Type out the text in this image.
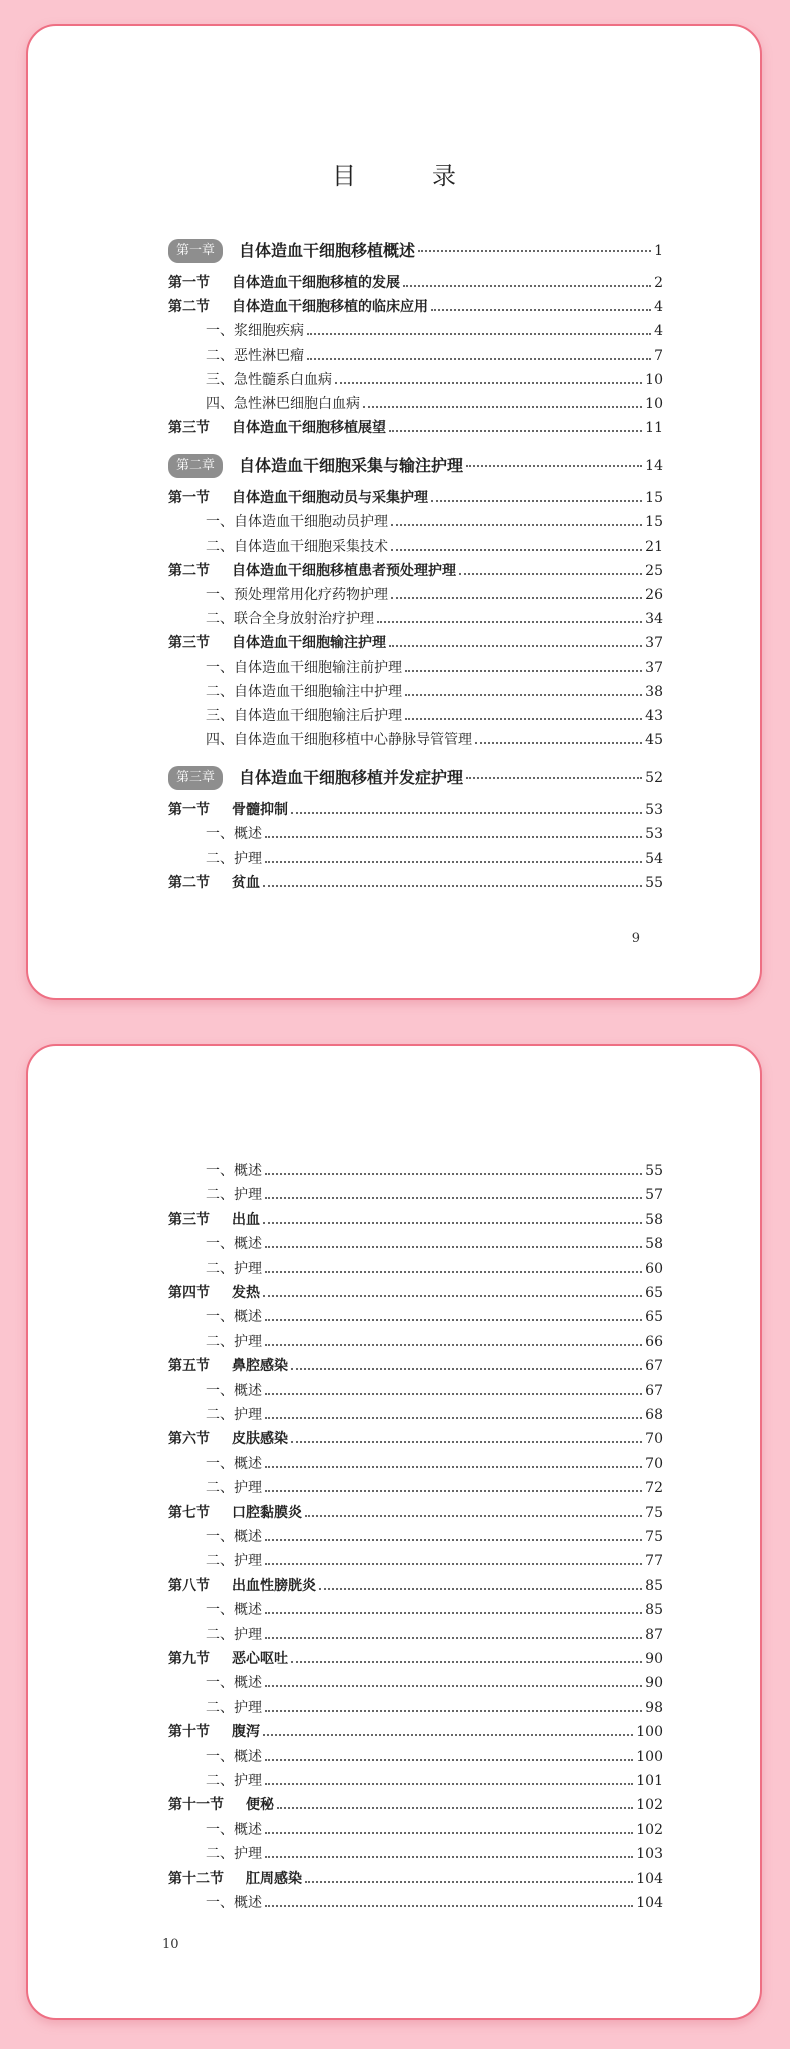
目　录
第一章	自体造血干细胞移植概述	1
第一节 自体造血干细胞移植的发展	2
第二节 自体造血干细胞移植的临床应用	4
一、浆细胞疾病	4
二、恶性淋巴瘤	7
三、急性髓系白血病	10
四、急性淋巴细胞白血病	10
第三节 自体造血干细胞移植展望	11
第二章	自体造血干细胞采集与输注护理	14
第一节 自体造血干细胞动员与采集护理	15
一、自体造血干细胞动员护理	15
二、自体造血干细胞采集技术	21
第二节 自体造血干细胞移植患者预处理护理	25
一、预处理常用化疗药物护理	26
二、联合全身放射治疗护理	34
第三节 自体造血干细胞输注护理	37
一、自体造血干细胞输注前护理	37
二、自体造血干细胞输注中护理	38
三、自体造血干细胞输注后护理	43
四、自体造血干细胞移植中心静脉导管管理	45
第三章	自体造血干细胞移植并发症护理	52
第一节 骨髓抑制	53
一、概述	53
二、护理	54
第二节 贫血	55
9
一、概述	55
二、护理	57
第三节 出血	58
一、概述	58
二、护理	60
第四节 发热	65
一、概述	65
二、护理	66
第五节 鼻腔感染	67
一、概述	67
二、护理	68
第六节 皮肤感染	70
一、概述	70
二、护理	72
第七节 口腔黏膜炎	75
一、概述	75
二、护理	77
第八节 出血性膀胱炎	85
一、概述	85
二、护理	87
第九节 恶心呕吐	90
一、概述	90
二、护理	98
第十节 腹泻	100
一、概述	100
二、护理	101
第十一节 便秘	102
一、概述	102
二、护理	103
第十二节 肛周感染	104
一、概述	104
10
